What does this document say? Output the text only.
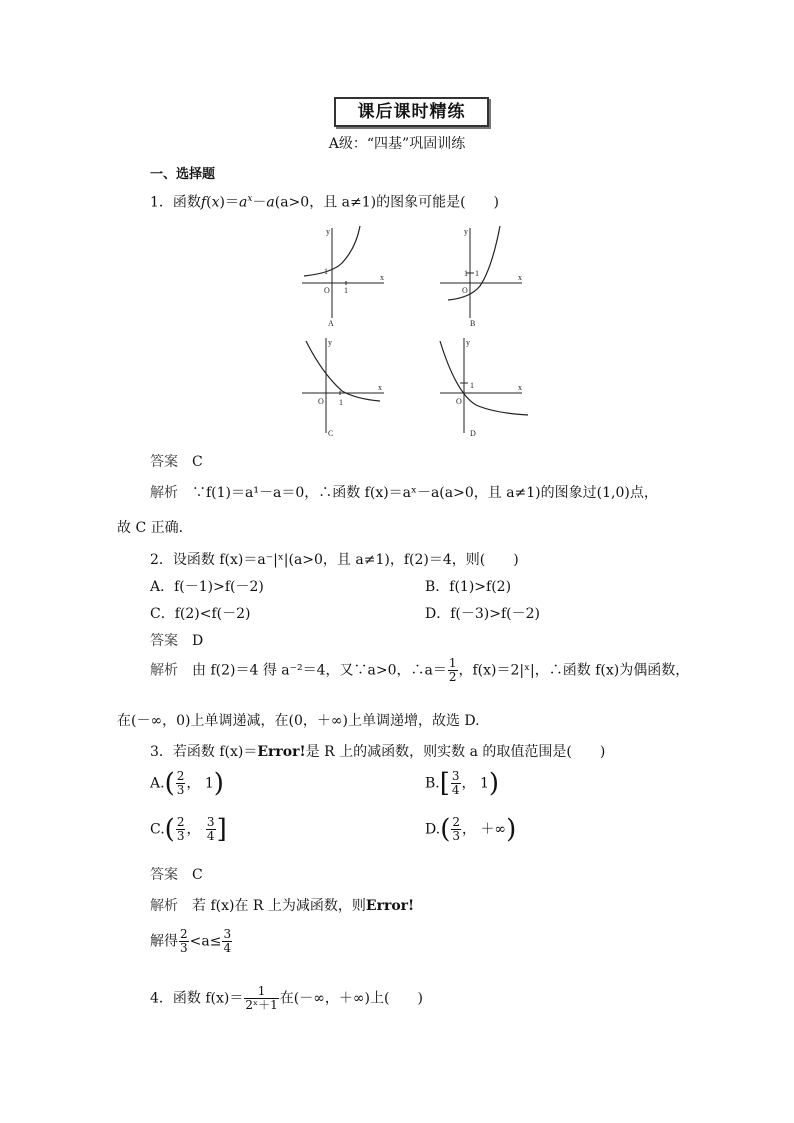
课后课时精练
A级：“四基”巩固训练
一、选择题
1．函数$f(x)=a^x-a(a>0$，且 a≠1)的图象可能是(　　)
y
x
O
1
1
A
y
x
O
1 1
B
y
x
O 1
C
y
x
O
1
D
答案　 C
解析　 ∵f(1)＝a¹－a＝0，∴函数 f(x)＝aˣ－a(a>0，且 a≠1)的图象过(1,0)点，
故 C 正确．
2．设函数 f(x)＝a⁻|ˣ|(a>0，且 a≠1)，f(2)＝4，则(　　)
A．f(－1)>f(－2)	B．f(1)>f(2)
C．f(2)<f(－2)	D．f(－3)>f(－2)
答案　 D
解析　 由 f(2)＝4 得 a⁻²＝4，又∵a>0，∴a＝ $\frac{1}{2}$ ，f(x)＝2|ˣ|，∴函数 f(x)为偶函数，
在(－∞，0)上单调递减，在(0，＋∞)上单调递增，故选 D.
3．若函数 f(x)＝Error!是 R 上的减函数，则实数 a 的取值范围是(　　)
$A.( \frac{2}{3}$ ， 1)	$B.[ \frac{3}{4}$ ， 1)
$C.( \frac{2}{3}$ ， $\frac{3}{4}$ ]	$D.( \frac{2}{3}$ ， ＋∞)
答案　 C
解析　 若 f(x)在 R 上为减函数，则Error!
解得 $\frac{2}{3} <a\le \frac{3}{4}$
4．函数 $f(x)= \frac{1}{\text{2ˣ＋1}}$ 在(－∞，＋∞)上(　　)
